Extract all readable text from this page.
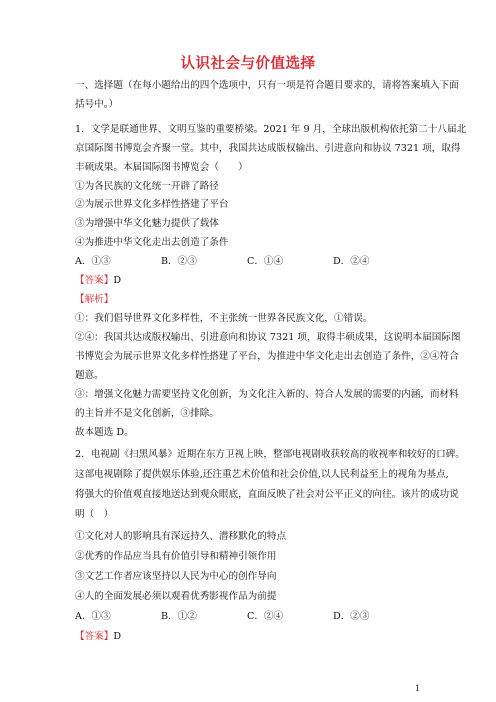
认识社会与价值选择
一、选择题（在每小题给出的四个选项中，只有一项是符合题目要求的，请将答案填入下面
括号中。）
1．文学是联通世界、文明互鉴的重要桥梁。2021 年 9 月，全球出版机构依托第二十八届北
京国际图书博览会齐聚一堂。其中，我国共达成版权输出、引进意向和协议 7321 项，取得
丰硕成果。本届国际图书博览会（　　）
①为各民族的文化统一开辟了路径
②为展示世界文化多样性搭建了平台
③为增强中华文化魅力提供了载体
④为推进中华文化走出去创造了条件
A．①③	B．②③	C．①④	D．②④
【答案】D
【解析】
①：我们倡导世界文化多样性，不主张统一世界各民族文化，①错误。
②④：我国共达成版权输出、引进意向和协议 7321 项，取得丰硕成果，这说明本届国际图
书博览会为展示世界文化多样性搭建了平台，为推进中华文化走出去创造了条件，②④符合
题意。
③：增强文化魅力需要坚持文化创新，为文化注入新的、符合人发展的需要的内涵，而材料
的主旨并不是文化创新，③排除。
故本题选 D。
2．电视剧《扫黑风暴》近期在东方卫视上映，整部电视剧收获较高的收视率和较好的口碑。
这部电视剧除了提供娱乐体验,还注重艺术价值和社会价值,以人民利益至上的视角为基点,
将强大的价值观直接地送达到观众眼底，直面反映了社会对公平正义的向往。该片的成功说
明（　）
①文化对人的影响具有深远持久、潜移默化的特点
②优秀的作品应当具有价值引导和精神引领作用
③文艺工作者应该坚持以人民为中心的创作导向
④人的全面发展必须以观看优秀影视作品为前提
A．①③	B．①②	C．②④	D．②③
【答案】D
1
